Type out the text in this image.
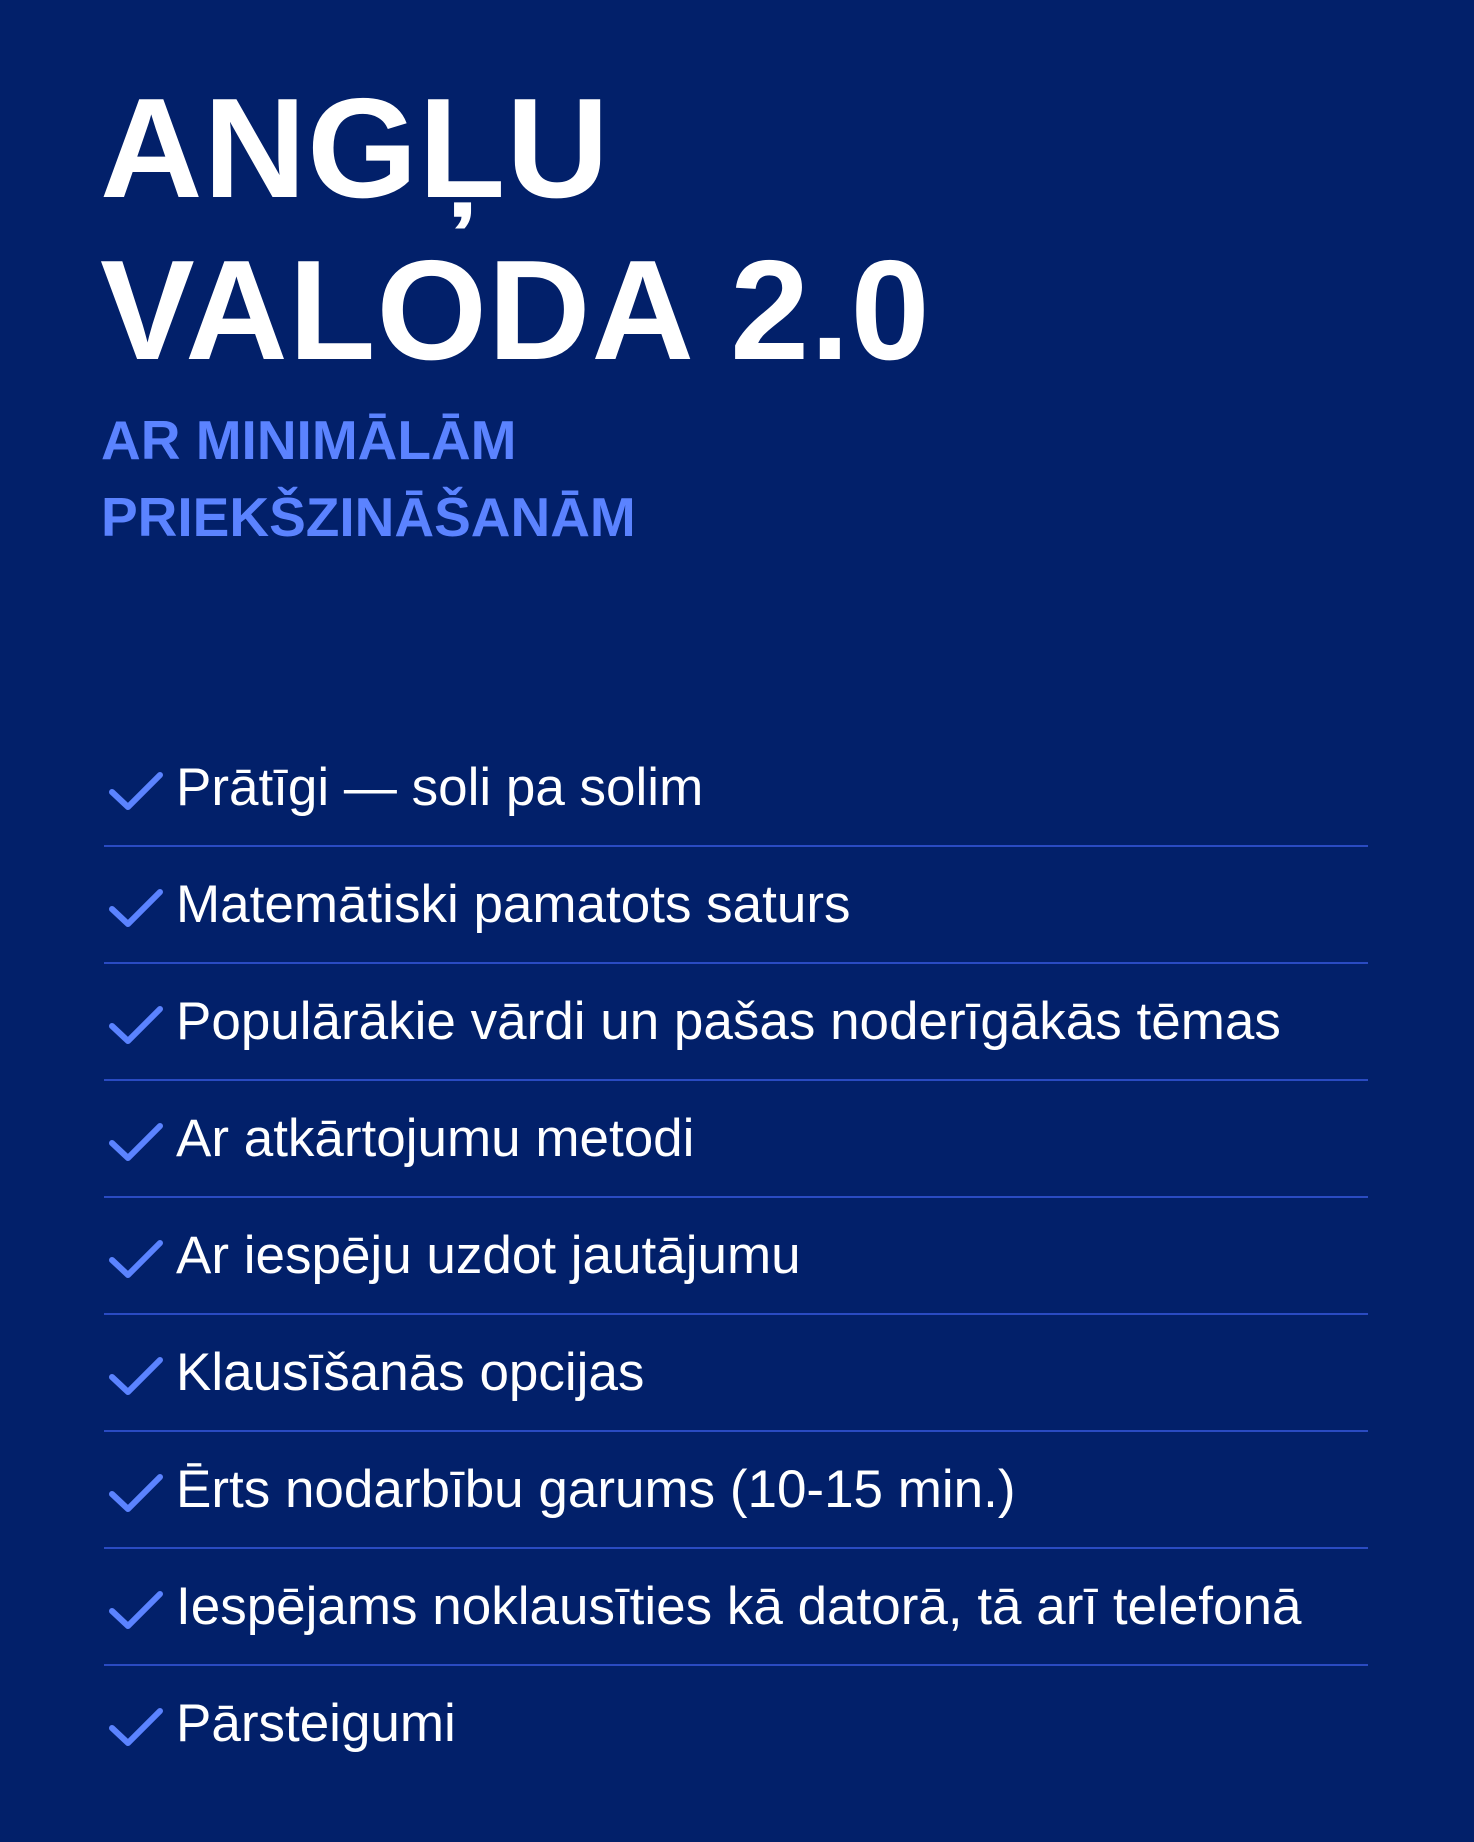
ANGĻU
VALODA 2.0
AR MINIMĀLĀM
PRIEKŠZINĀŠANĀM
Prātīgi — soli pa solim
Matemātiski pamatots saturs
Populārākie vārdi un pašas noderīgākās tēmas
Ar atkārtojumu metodi
Ar iespēju uzdot jautājumu
Klausīšanās opcijas
Ērts nodarbību garums (10-15 min.)
Iespējams noklausīties kā datorā, tā arī telefonā
Pārsteigumi
